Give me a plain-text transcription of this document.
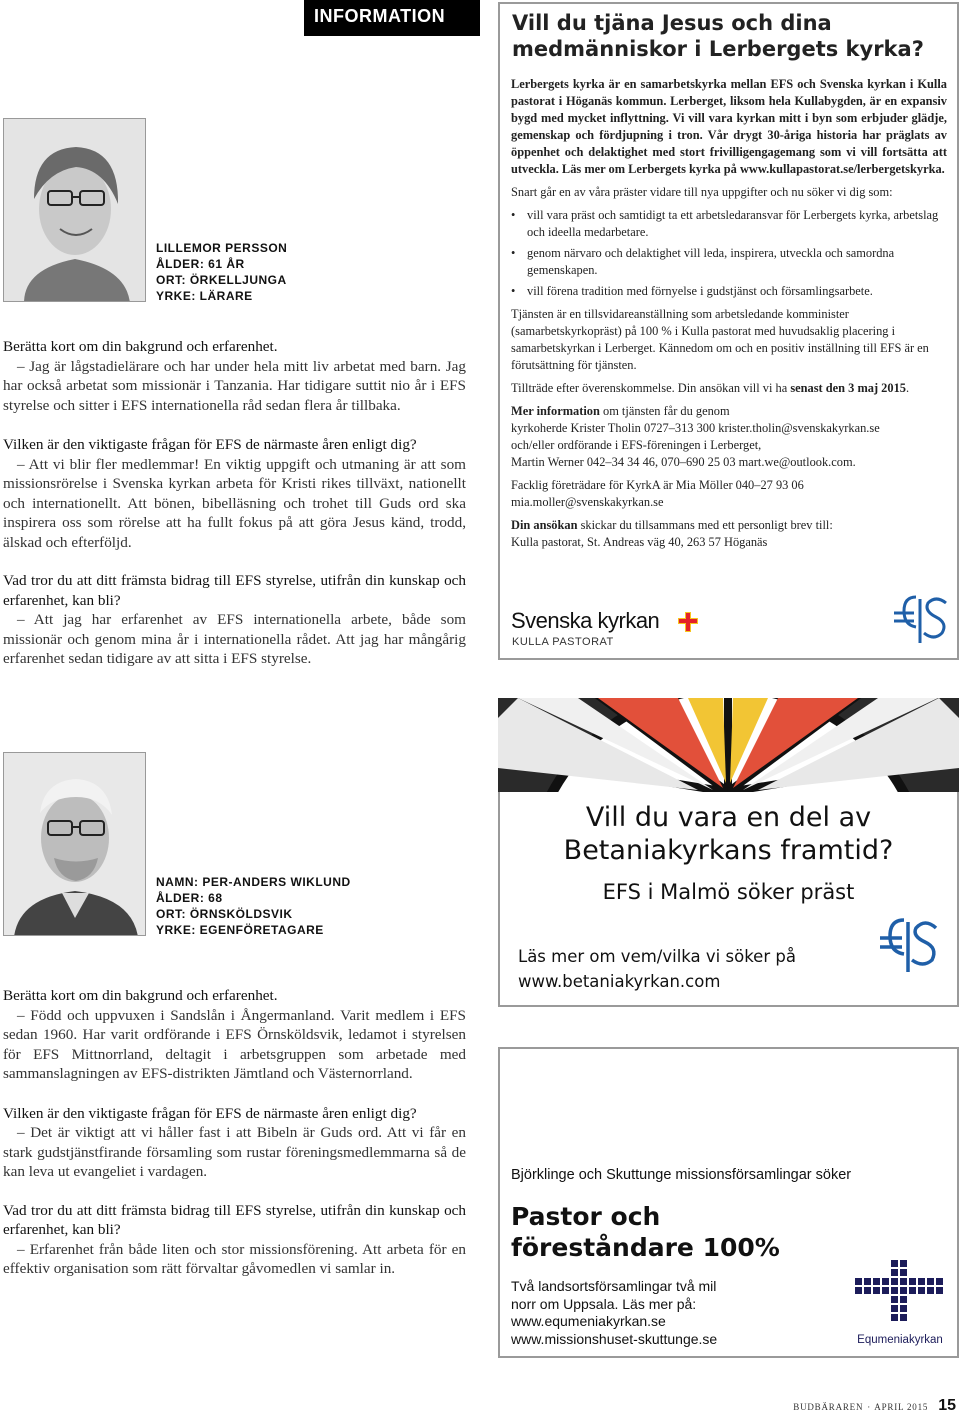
INFORMATION
LILLEMOR PERSSON
ÅLDER: 61 ÅR
ORT: ÖRKELLJUNGA
YRKE: LÄRARE

Berätta kort om din bakgrund och erfarenhet.

– Jag är lågstadielärare och har under hela mitt liv arbetat med barn. Jag har också arbetat som missionär i Tanzania. Har tidigare suttit nio år i EFS styrelse och sitter i EFS internationella råd sedan flera år tillbaka.

Vilken är den viktigaste frågan för EFS de närmaste åren enligt dig?

– Att vi blir fler medlemmar! En viktig uppgift och utmaning är att som missionsrörelse i Svenska kyrkan arbeta för Kristi rikes tillväxt, nationellt och internationellt. Att bönen, bibelläsning och trohet till Guds ord ska inspirera oss som rörelse att ha fullt fokus på att göra Jesus känd, trodd, älskad och efterföljd.

Vad tror du att ditt främsta bidrag till EFS styrelse, utifrån din kunskap och erfarenhet, kan bli?

– Att jag har erfarenhet av EFS internationella arbete, både som missionär och genom mina år i internationella rådet. Att jag har mångårig erfarenhet sedan tidigare av att sitta i EFS styrelse.

NAMN: PER-ANDERS WIKLUND
ÅLDER: 68
ORT: ÖRNSKÖLDSVIK
YRKE: EGENFÖRETAGARE

Berätta kort om din bakgrund och erfarenhet.

– Född och uppvuxen i Sandslån i Ångermanland. Varit medlem i EFS sedan 1960. Har varit ordförande i EFS Örnsköldsvik, ledamot i styrelsen för EFS Mittnorrland, deltagit i arbetsgruppen som arbetade med sammanslagningen av EFS-distrikten Jämtland och Västernorrland.

Vilken är den viktigaste frågan för EFS de närmaste åren enligt dig?

– Det är viktigt att vi håller fast i att Bibeln är Guds ord. Att vi får en stark gudstjänstfirande församling som rustar föreningsmedlemmarna så de kan leva ut evangeliet i vardagen.

Vad tror du att ditt främsta bidrag till EFS styrelse, utifrån din kunskap och erfarenhet, kan bli?

– Erfarenhet från både liten och stor missionsförening. Att arbeta för en effektiv organisation som rätt förvaltar gåvomedlen vi samlar in.

Vill du tjäna Jesus och dina medmänniskor i Lerbergets kyrka?

Lerbergets kyrka är en samarbetskyrka mellan EFS och Svenska kyrkan i Kulla pastorat i Höganäs kommun. Lerberget, liksom hela Kullabygden, är en expansiv bygd med mycket inflyttning. Vi vill vara kyrkan mitt i byn som erbjuder glädje, gemenskap och fördjupning i tron. Vår drygt 30-åriga historia har präglats av öppenhet och delaktighet med stort frivilligengagemang som vi vill fortsätta att utveckla. Läs mer om Lerbergets kyrka på www.kullapastorat.se/lerbergetskyrka.

Snart går en av våra präster vidare till nya uppgifter och nu söker vi dig som:

• vill vara präst och samtidigt ta ett arbetsledaransvar för Lerbergets kyrka, arbetslag och ideella medarbetare.
• genom närvaro och delaktighet vill leda, inspirera, utveckla och samordna gemenskapen.
• vill förena tradition med förnyelse i gudstjänst och församlingsarbete.

Tjänsten är en tillsvidareanställning som arbetsledande komminister (samarbetskyrkopräst) på 100 % i Kulla pastorat med huvudsaklig placering i samarbetskyrkan i Lerberget. Kännedom om och en positiv inställning till EFS är en förutsättning för tjänsten.

Tillträde efter överenskommelse. Din ansökan vill vi ha senast den 3 maj 2015.

Mer information om tjänsten får du genom

kyrkoherde Krister Tholin 0727–313 300 krister.tholin@svenskakyrkan.se

och/eller ordförande i EFS-föreningen i Lerberget,

Martin Werner 042–34 34 46, 070–690 25 03 mart.we@outlook.com.

Facklig företrädare för KyrkA är Mia Möller 040–27 93 06

mia.moller@svenskakyrkan.se

Din ansökan skickar du tillsammans med ett personligt brev till:

Kulla pastorat, St. Andreas väg 40, 263 57 Höganäs

Svenska kyrkan
KULLA PASTORAT	EFS
Vill du vara en del av
Betaniakyrkans framtid?
EFS i Malmö söker präst
Läs mer om vem/vilka vi söker på
www.betaniakyrkan.com	EFS
Björklinge och Skuttunge missionsförsamlingar söker
Pastor och
föreståndare 100%
Två landsortsförsamlingar två mil
norr om Uppsala. Läs mer på:
www.equmeniakyrkan.se
www.missionshuset-skuttunge.se	Equmeniakyrkan
BUDBÄRAREN · APRIL 2015 15
